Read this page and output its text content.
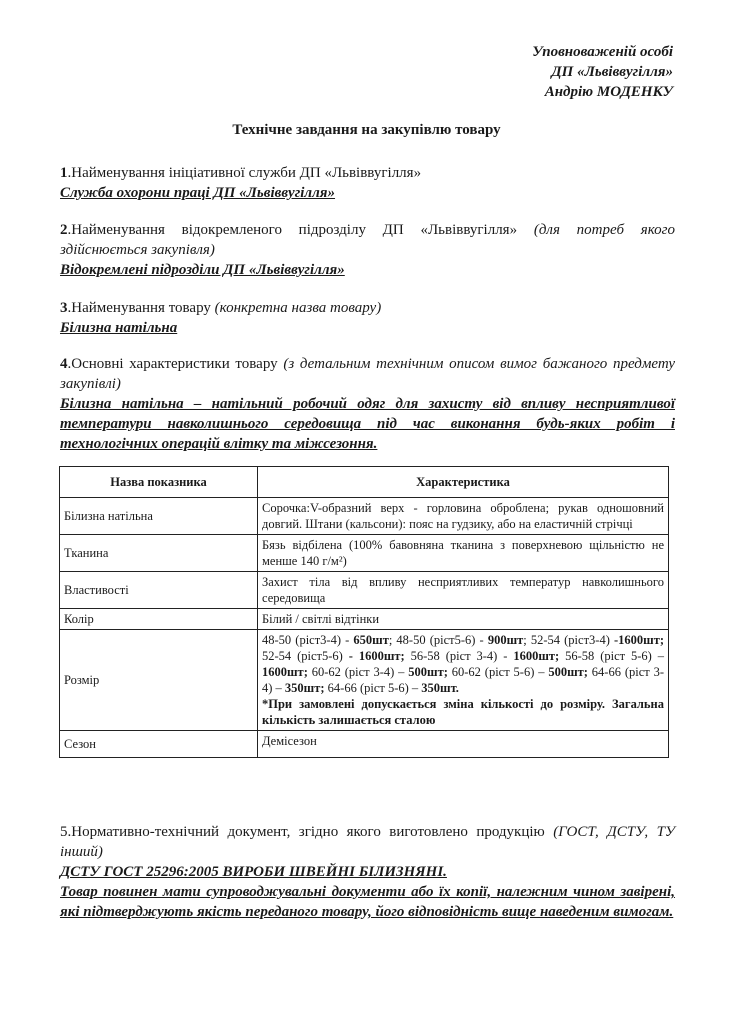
Уповноваженій особі
ДП «Львіввугілля»
Андрію МОДЕНКУ
Технічне завдання на закупівлю товару
1.Найменування ініціативної служби ДП «Львіввугілля»
Служба охорони праці ДП «Львіввугілля»
2.Найменування відокремленого підрозділу ДП «Львіввугілля» (для потреб якого здійснюється закупівля)
Відокремлені підрозділи ДП «Львіввугілля»
3.Найменування товару (конкретна назва товару)
Білизна натільна
4.Основні характеристики товару (з детальним технічним описом вимог бажаного предмету закупівлі)
Білизна натільна – натільний робочий одяг для захисту від впливу несприятливої температури навколишнього середовища під час виконання будь-яких робіт і технологічних операцій влітку та міжсезоння.
Назва показника	Характеристика
Білизна натільна	Сорочка:V-образний верх - горловина оброблена; рукав одношовний довгий. Штани (кальсони): пояс на гудзику, або на еластичній стрічці
Тканина	Бязь відбілена (100% бавовняна тканина з поверхневою щільністю не менше 140 г/м²)
Властивості	Захист тіла від впливу несприятливих температур навколишнього середовища
Колір	Білий / світлі відтінки
Розмір	48-50 (ріст3-4) - 650шт; 48-50 (ріст5-6) - 900шт; 52-54 (ріст3-4) -1600шт; 52-54 (ріст5-6) - 1600шт; 56-58 (ріст 3-4) - 1600шт; 56-58 (ріст 5-6) – 1600шт; 60-62 (ріст 3-4) – 500шт; 60-62 (ріст 5-6) – 500шт; 64-66 (ріст 3-4) – 350шт; 64-66 (ріст 5-6) – 350шт.
*При замовлені допускається зміна кількості до розміру. Загальна кількість залишається сталою

Сезон	Демісезон
5.Нормативно-технічний документ, згідно якого виготовлено продукцію (ГОСТ, ДСТУ, ТУ інший)
ДСТУ ГОСТ 25296:2005 ВИРОБИ ШВЕЙНІ БІЛИЗНЯНІ.
Товар повинен мати супроводжувальні документи або їх копії, належним чином завірені, які підтверджують якість переданого товару, його відповідність вище наведеним вимогам.
